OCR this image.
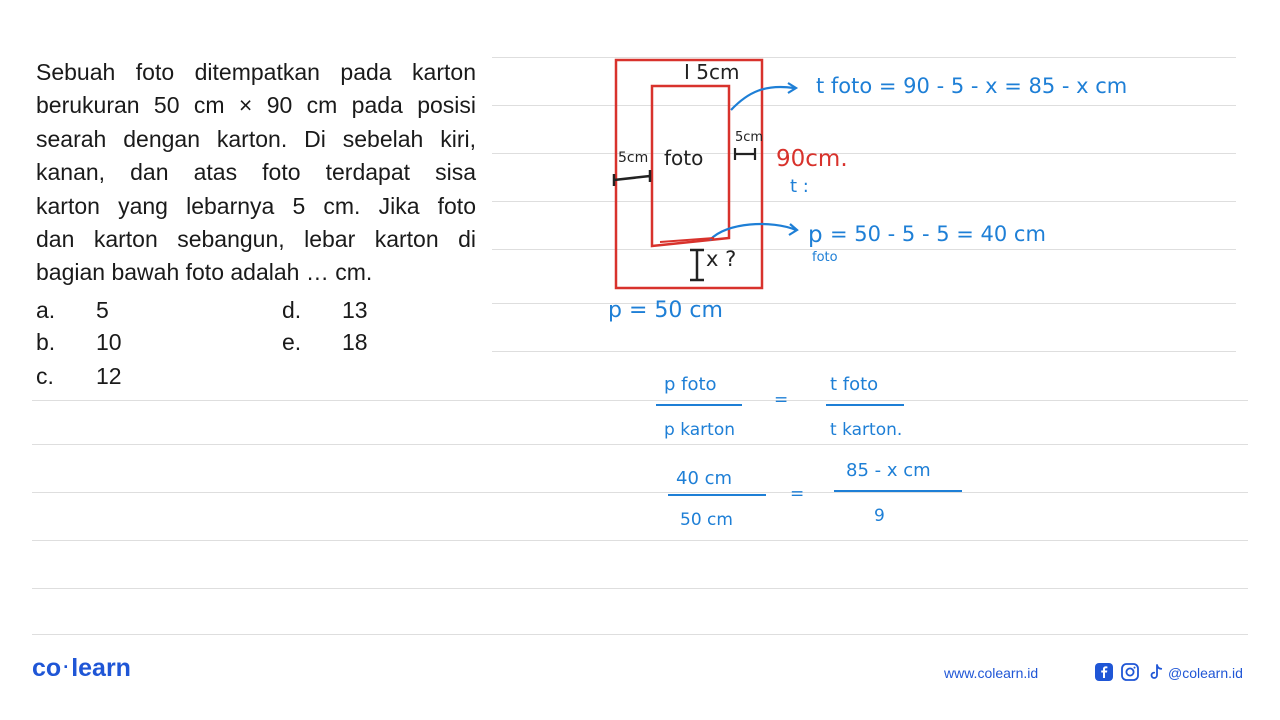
Sebuah foto ditempatkan pada karton
berukuran 50 cm × 90 cm pada posisi
searah dengan karton. Di sebelah kiri,
kanan, dan atas foto terdapat sisa
karton yang lebarnya 5 cm. Jika foto
dan karton sebangun, lebar karton di
bagian bawah foto adalah … cm.
a. 5
b. 10
c. 12
d. 13
e. 18
I 5cm
foto
5cm
5cm
x ?
90cm.
t :
p = 50 cm
t foto = 90 - 5 - x = 85 - x cm
p
foto
= 50 - 5 - 5 = 40 cm
p foto
p karton
=
t foto
t karton.
40 cm
50 cm
=
85 - x cm
9
co ·learn	www.colearn.id	@colearn.id
